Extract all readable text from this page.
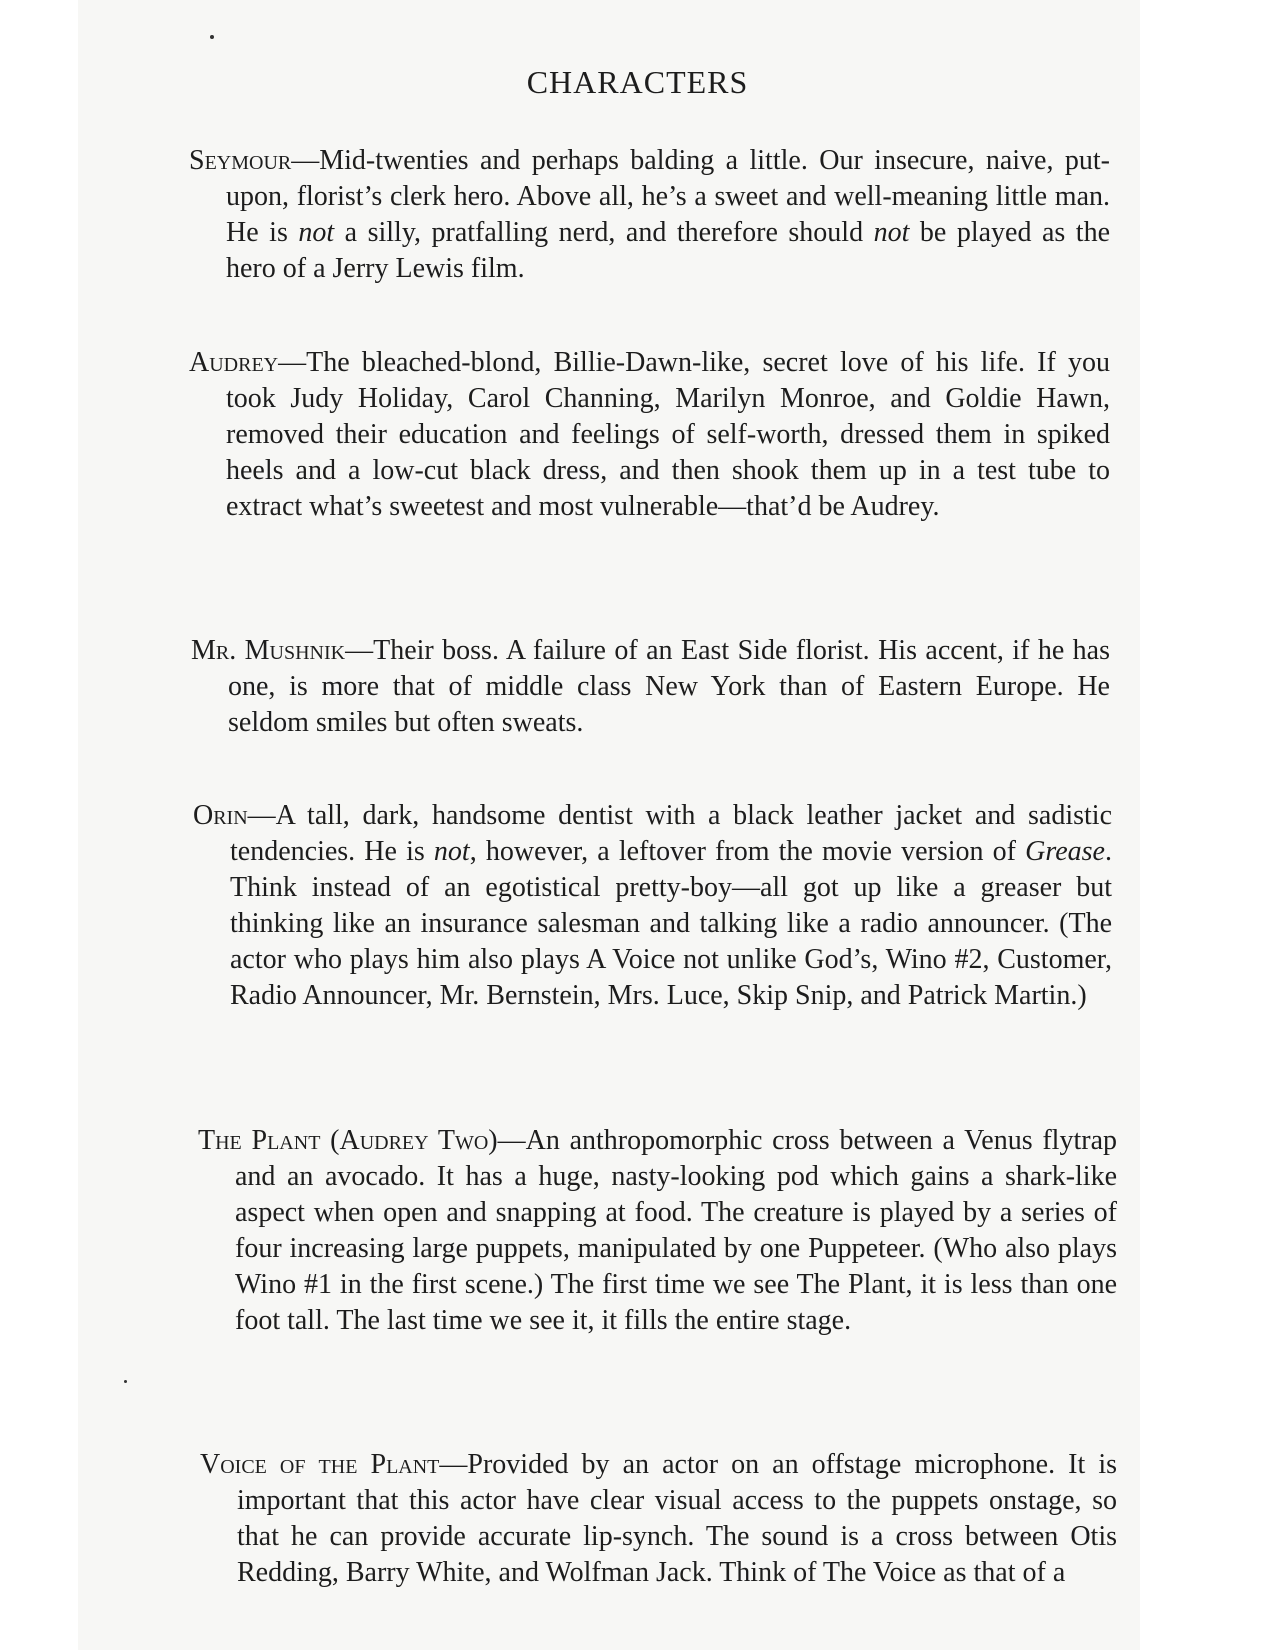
CHARACTERS

Seymour—Mid-twenties and perhaps balding a little. Our insecure, naive, put-upon, florist’s clerk hero. Above all, he’s a sweet and well-meaning little man. He is not a silly, pratfalling nerd, and therefore should not be played as the hero of a Jerry Lewis film.

Audrey—The bleached-blond, Billie-Dawn-like, secret love of his life. If you took Judy Holiday, Carol Channing, Marilyn Monroe, and Goldie Hawn, removed their education and feelings of self-worth, dressed them in spiked heels and a low-cut black dress, and then shook them up in a test tube to extract what’s sweetest and most vulnerable—that’d be Audrey.

Mr. Mushnik—Their boss. A failure of an East Side florist. His accent, if he has one, is more that of middle class New York than of Eastern Europe. He seldom smiles but often sweats.

Orin—A tall, dark, handsome dentist with a black leather jacket and sadistic tendencies. He is not, however, a leftover from the movie version of Grease. Think instead of an egotistical pretty-boy—all got up like a greaser but thinking like an insurance salesman and talking like a radio announcer. (The actor who plays him also plays A Voice not unlike God’s, Wino #2, Customer, Radio Announcer, Mr. Bernstein, Mrs. Luce, Skip Snip, and Patrick Martin.)

The Plant (Audrey Two)—An anthropomorphic cross between a Venus flytrap and an avocado. It has a huge, nasty-looking pod which gains a shark-like aspect when open and snapping at food. The creature is played by a series of four increasing large puppets, manipulated by one Puppeteer. (Who also plays Wino #1 in the first scene.) The first time we see The Plant, it is less than one foot tall. The last time we see it, it fills the entire stage.

Voice of the Plant—Provided by an actor on an offstage microphone. It is important that this actor have clear visual access to the puppets onstage, so that he can provide accurate lip-synch. The sound is a cross between Otis Redding, Barry White, and Wolfman Jack. Think of The Voice as that of a
